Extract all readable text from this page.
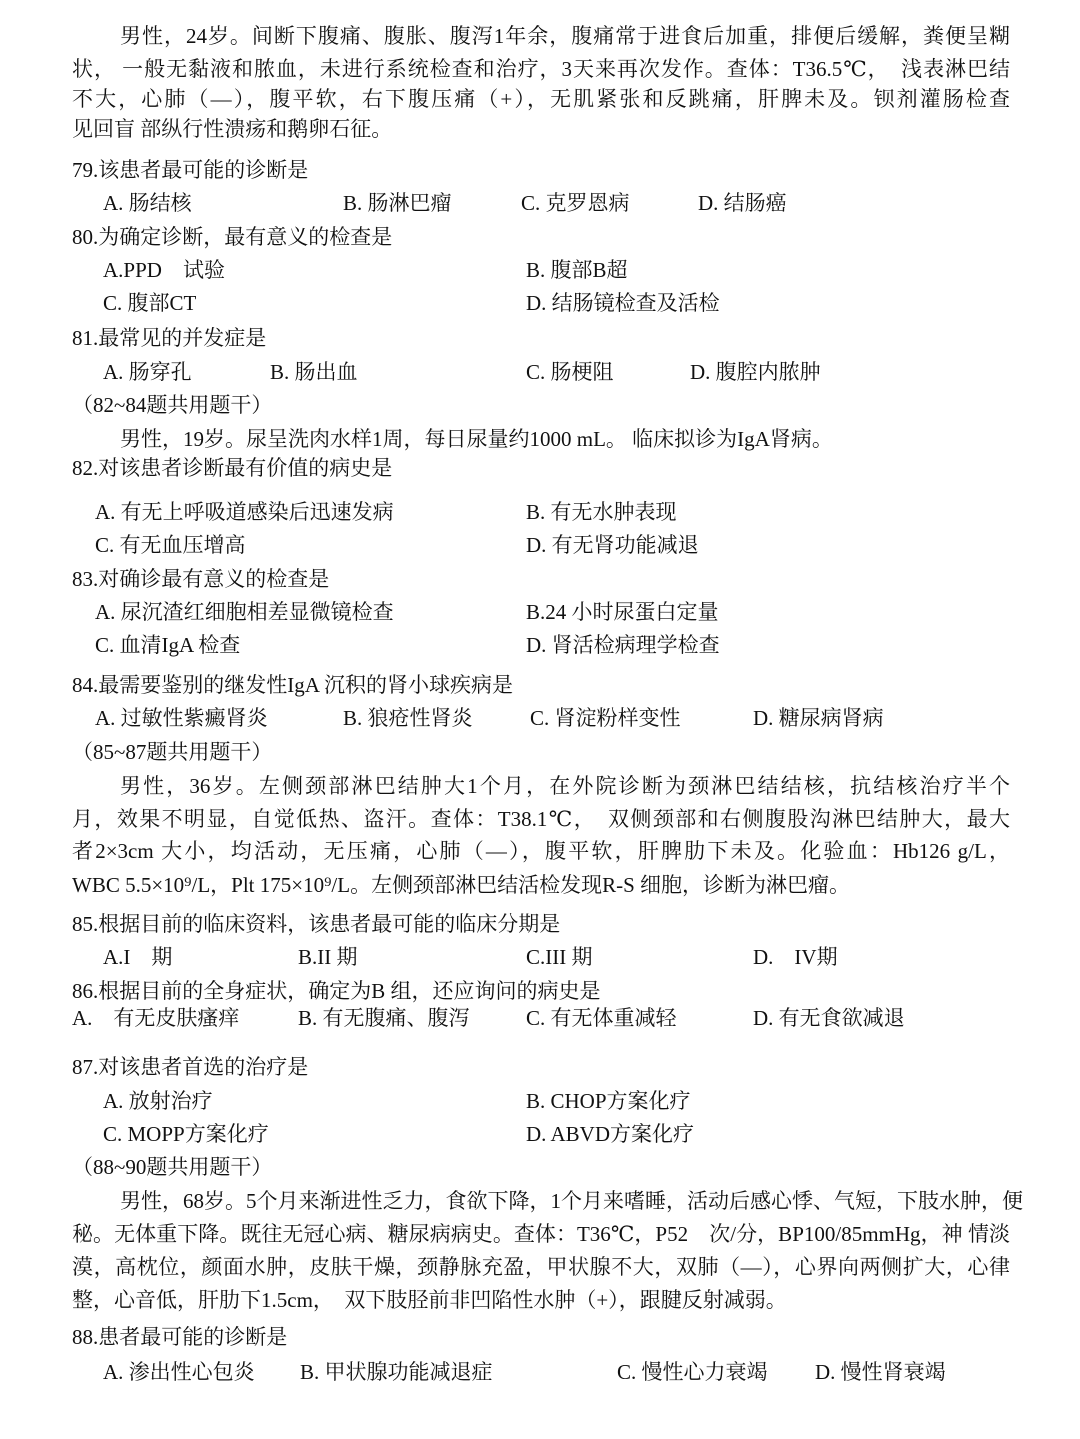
男性，24岁。间断下腹痛、腹胀、腹泻1年余，腹痛常于进食后加重，排便后缓解，粪便呈糊
状， 一般无黏液和脓血，未进行系统检查和治疗，3天来再次发作。查体：T36.5℃，　浅表淋巴结
不大，心肺（—），腹平软，右下腹压痛（+），无肌紧张和反跳痛，肝脾未及。钡剂灌肠检查
见回盲 部纵行性溃疡和鹅卵石征。
79.该患者最可能的诊断是
A. 肠结核	B. 肠淋巴瘤	C. 克罗恩病	D. 结肠癌
80.为确定诊断，最有意义的检查是
A.PPD　试验	B. 腹部B超
C. 腹部CT	D. 结肠镜检查及活检
81.最常见的并发症是
A. 肠穿孔	B. 肠出血	C. 肠梗阻	D. 腹腔内脓肿
（82~84题共用题干）
男性，19岁。尿呈洗肉水样1周，每日尿量约1000 mL。 临床拟诊为IgA肾病。
82.对该患者诊断最有价值的病史是
A. 有无上呼吸道感染后迅速发病	B. 有无水肿表现
C. 有无血压增高	D. 有无肾功能减退
83.对确诊最有意义的检查是
A. 尿沉渣红细胞相差显微镜检查	B.24 小时尿蛋白定量
C. 血清IgA 检查	D. 肾活检病理学检查
84.最需要鉴别的继发性IgA 沉积的肾小球疾病是
A. 过敏性紫癜肾炎	B. 狼疮性肾炎	C. 肾淀粉样变性	D. 糖尿病肾病
（85~87题共用题干）
男性，36岁。左侧颈部淋巴结肿大1个月，在外院诊断为颈淋巴结结核，抗结核治疗半个
月，效果不明显，自觉低热、盗汗。查体：T38.1℃，　双侧颈部和右侧腹股沟淋巴结肿大，最大
者2×3cm 大小，均活动，无压痛，心肺（—），腹平软，肝脾肋下未及。化验血：Hb126 g/L，
WBC 5.5×10⁹/L，Plt 175×10⁹/L。左侧颈部淋巴结活检发现R-S 细胞，诊断为淋巴瘤。
85.根据目前的临床资料，该患者最可能的临床分期是
A.I　期	B.II 期	C.III 期	D.　IV期
86.根据目前的全身症状，确定为B 组，还应询问的病史是
A.　有无皮肤瘙痒	B. 有无腹痛、腹泻	C. 有无体重减轻	D. 有无食欲减退
87.对该患者首选的治疗是
A. 放射治疗	B. CHOP方案化疗
C. MOPP方案化疗	D. ABVD方案化疗
（88~90题共用题干）
男性，68岁。5个月来渐进性乏力，食欲下降，1个月来嗜睡，活动后感心悸、气短，下肢水肿，便
秘。无体重下降。既往无冠心病、糖尿病病史。查体：T36℃，P52　次/分，BP100/85mmHg，神 情淡
漠，高枕位，颜面水肿，皮肤干燥，颈静脉充盈，甲状腺不大，双肺（—），心界向两侧扩大，心律
整，心音低，肝肋下1.5cm，　双下肢胫前非凹陷性水肿（+），跟腱反射减弱。
88.患者最可能的诊断是
A. 渗出性心包炎 B. 甲状腺功能减退症	C. 慢性心力衰竭 D. 慢性肾衰竭
